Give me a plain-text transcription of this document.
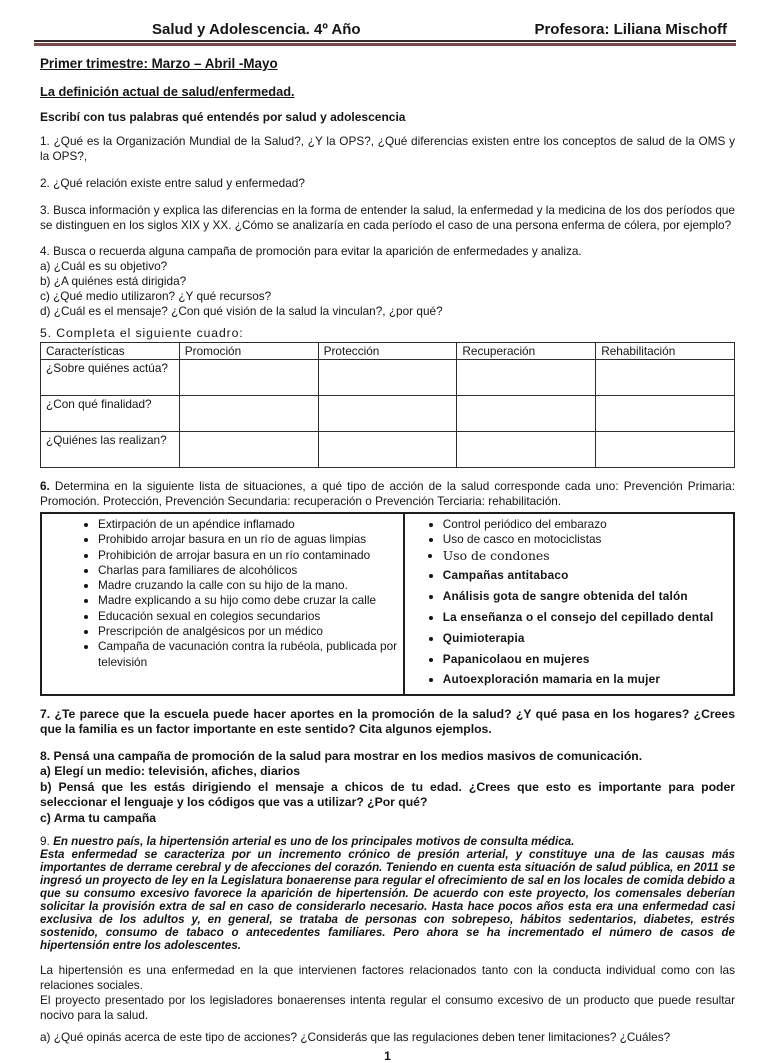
Salud y Adolescencia. 4º Año	Profesora: Liliana Mischoff
Primer trimestre: Marzo – Abril -Mayo
La definición actual de salud/enfermedad.
Escribí con tus palabras qué entendés por salud y adolescencia

1. ¿Qué es la Organización Mundial de la Salud?, ¿Y la OPS?, ¿Qué diferencias existen entre los conceptos de salud de la OMS y la OPS?,

2. ¿Qué relación existe entre salud y enfermedad?

3. Busca información y explica las diferencias en la forma de entender la salud, la enfermedad y la medicina de los dos períodos que se distinguen en los siglos XIX y XX. ¿Cómo se analizaría en cada período el caso de una persona enferma de cólera, por ejemplo?

4. Busca o recuerda alguna campaña de promoción para evitar la aparición de enfermedades y analiza.

a) ¿Cuál es su objetivo?

b) ¿A quiénes está dirigida?

c) ¿Qué medio utilizaron? ¿Y qué recursos?

d) ¿Cuál es el mensaje? ¿Con qué visión de la salud la vinculan?, ¿por qué?

5. Completa el siguiente cuadro:
Características	Promoción	Protección	Recuperación	Rehabilitación
¿Sobre quiénes actúa?				
¿Con qué finalidad?				
¿Quiénes las realizan?				

6. Determina en la siguiente lista de situaciones, a qué tipo de acción de la salud corresponde cada uno: Prevención Primaria: Promoción. Protección, Prevención Secundaria: recuperación o Prevención Terciaria: rehabilitación.

• Extirpación de un apéndice inflamado
• Prohibido arrojar basura en un río de aguas limpias
• Prohibición de arrojar basura en un río contaminado
• Charlas para familiares de alcohólicos
• Madre cruzando la calle con su hijo de la mano.
• Madre explicando a su hijo como debe cruzar la calle
• Educación sexual en colegios secundarios
• Prescripción de analgésicos por un médico
• Campaña de vacunación contra la rubéola, publicada por televisión
• Control periódico del embarazo
• Uso de casco en motociclistas
• Uso de condones
• Campañas antitabaco
• Análisis gota de sangre obtenida del talón
• La enseñanza o el consejo del cepillado dental
• Quimioterapia
• Papanicolaou en mujeres
• Autoexploración mamaria en la mujer

7. ¿Te parece que la escuela puede hacer aportes en la promoción de la salud? ¿Y qué pasa en los hogares? ¿Crees que la familia es un factor importante en este sentido? Cita algunos ejemplos.

8. Pensá una campaña de promoción de la salud para mostrar en los medios masivos de comunicación.

a) Elegí un medio: televisión, afiches, diarios

b) Pensá que les estás dirigiendo el mensaje a chicos de tu edad. ¿Crees que esto es importante para poder seleccionar el lenguaje y los códigos que vas a utilizar? ¿Por qué?

c) Arma tu campaña

9. En nuestro país, la hipertensión arterial es uno de los principales motivos de consulta médica.
Esta enfermedad se caracteriza por un incremento crónico de presión arterial, y constituye una de las causas más importantes de derrame cerebral y de afecciones del corazón. Teniendo en cuenta esta situación de salud pública, en 2011 se ingresó un proyecto de ley en la Legislatura bonaerense para regular el ofrecimiento de sal en los locales de comida debido a que su consumo excesivo favorece la aparición de hipertensión. De acuerdo con este proyecto, los comensales deberían solicitar la provisión extra de sal en caso de considerarlo necesario. Hasta hace pocos años esta era una enfermedad casi exclusiva de los adultos y, en general, se trataba de personas con sobrepeso, hábitos sedentarios, diabetes, estrés sostenido, consumo de tabaco o antecedentes familiares. Pero ahora se ha incrementado el número de casos de hipertensión entre los adolescentes.

La hipertensión es una enfermedad en la que intervienen factores relacionados tanto con la conducta individual como con las relaciones sociales.

El proyecto presentado por los legisladores bonaerenses intenta regular el consumo excesivo de un producto que puede resultar nocivo para la salud.

a) ¿Qué opinás acerca de este tipo de acciones? ¿Considerás que las regulaciones deben tener limitaciones? ¿Cuáles?

1
